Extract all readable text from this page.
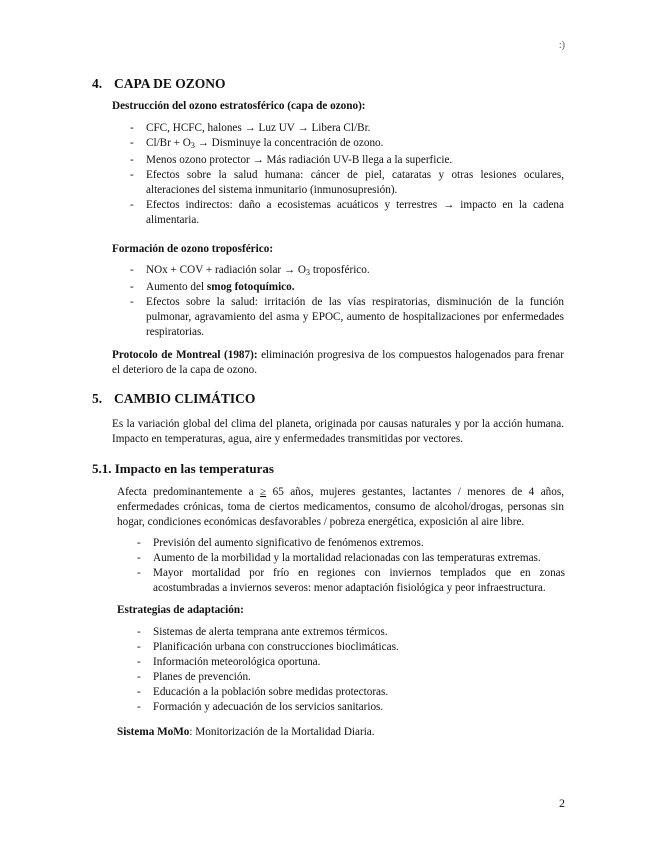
:)
4. CAPA DE OZONO
Destrucción del ozono estratosférico (capa de ozono):
- CFC, HCFC, halones → Luz UV → Libera Cl/Br.
- Cl/Br + O3 → Disminuye la concentración de ozono.
- Menos ozono protector → Más radiación UV-B llega a la superficie.
- Efectos sobre la salud humana: cáncer de piel, cataratas y otras lesiones oculares, alteraciones del sistema inmunitario (inmunosupresión).
- Efectos indirectos: daño a ecosistemas acuáticos y terrestres → impacto en la cadena alimentaria.
Formación de ozono troposférico:
- NOx + COV + radiación solar → O3 troposférico.
- Aumento del smog fotoquímico.
- Efectos sobre la salud: irritación de las vías respiratorias, disminución de la función pulmonar, agravamiento del asma y EPOC, aumento de hospitalizaciones por enfermedades respiratorias.
Protocolo de Montreal (1987): eliminación progresiva de los compuestos halogenados para frenar el deterioro de la capa de ozono.
5. CAMBIO CLIMÁTICO
Es la variación global del clima del planeta, originada por causas naturales y por la acción humana. Impacto en temperaturas, agua, aire y enfermedades transmitidas por vectores.
5.1. Impacto en las temperaturas
Afecta predominantemente a ≥ 65 años, mujeres gestantes, lactantes / menores de 4 años, enfermedades crónicas, toma de ciertos medicamentos, consumo de alcohol/drogas, personas sin hogar, condiciones económicas desfavorables / pobreza energética, exposición al aire libre.
- Previsión del aumento significativo de fenómenos extremos.
- Aumento de la morbilidad y la mortalidad relacionadas con las temperaturas extremas.
- Mayor mortalidad por frío en regiones con inviernos templados que en zonas acostumbradas a inviernos severos: menor adaptación fisiológica y peor infraestructura.
Estrategias de adaptación:
- Sistemas de alerta temprana ante extremos térmicos.
- Planificación urbana con construcciones bioclimáticas.
- Información meteorológica oportuna.
- Planes de prevención.
- Educación a la población sobre medidas protectoras.
- Formación y adecuación de los servicios sanitarios.
Sistema MoMo: Monitorización de la Mortalidad Diaria.
2
